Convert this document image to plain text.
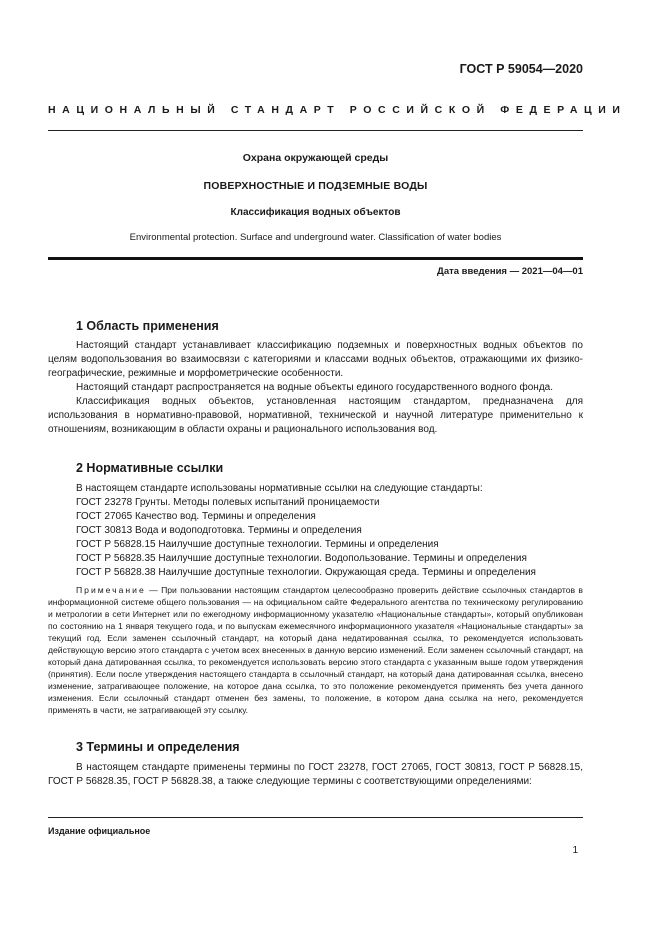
ГОСТ Р 59054—2020
НАЦИОНАЛЬНЫЙ СТАНДАРТ РОССИЙСКОЙ ФЕДЕРАЦИИ
Охрана окружающей среды
ПОВЕРХНОСТНЫЕ И ПОДЗЕМНЫЕ ВОДЫ
Классификация водных объектов
Environmental protection. Surface and underground water. Classification of water bodies
Дата введения — 2021—04—01
1 Область применения

Настоящий стандарт устанавливает классификацию подземных и поверхностных водных объектов по целям водопользования во взаимосвязи с категориями и классами водных объектов, отражающими их физико-географические, режимные и морфометрические особенности.

Настоящий стандарт распространяется на водные объекты единого государственного водного фонда.

Классификация водных объектов, установленная настоящим стандартом, предназначена для использования в нормативно-правовой, нормативной, технической и научной литературе применительно к отношениям, возникающим в области охраны и рационального использования вод.

2 Нормативные ссылки

В настоящем стандарте использованы нормативные ссылки на следующие стандарты:

ГОСТ 23278 Грунты. Методы полевых испытаний проницаемости
ГОСТ 27065 Качество вод. Термины и определения
ГОСТ 30813 Вода и водоподготовка. Термины и определения
ГОСТ Р 56828.15 Наилучшие доступные технологии. Термины и определения
ГОСТ Р 56828.35 Наилучшие доступные технологии. Водопользование. Термины и определения
ГОСТ Р 56828.38 Наилучшие доступные технологии. Окружающая среда. Термины и определения
Примечание — При пользовании настоящим стандартом целесообразно проверить действие ссылочных стандартов в информационной системе общего пользования — на официальном сайте Федерального агентства по техническому регулированию и метрологии в сети Интернет или по ежегодному информационному указателю «Национальные стандарты», который опубликован по состоянию на 1 января текущего года, и по выпускам ежемесячного информационного указателя «Национальные стандарты» за текущий год. Если заменен ссылочный стандарт, на который дана недатированная ссылка, то рекомендуется использовать действующую версию этого стандарта с учетом всех внесенных в данную версию изменений. Если заменен ссылочный стандарт, на который дана датированная ссылка, то рекомендуется использовать версию этого стандарта с указанным выше годом утверждения (принятия). Если после утверждения настоящего стандарта в ссылочный стандарт, на который дана датированная ссылка, внесено изменение, затрагивающее положение, на которое дана ссылка, то это положение рекомендуется применять без учета данного изменения. Если ссылочный стандарт отменен без замены, то положение, в котором дана ссылка на него, рекомендуется применять в части, не затрагивающей эту ссылку.
3 Термины и определения

В настоящем стандарте применены термины по ГОСТ 23278, ГОСТ 27065, ГОСТ 30813, ГОСТ Р 56828.15, ГОСТ Р 56828.35, ГОСТ Р 56828.38, а также следующие термины с соответствующими определениями:

Издание официальное
1
